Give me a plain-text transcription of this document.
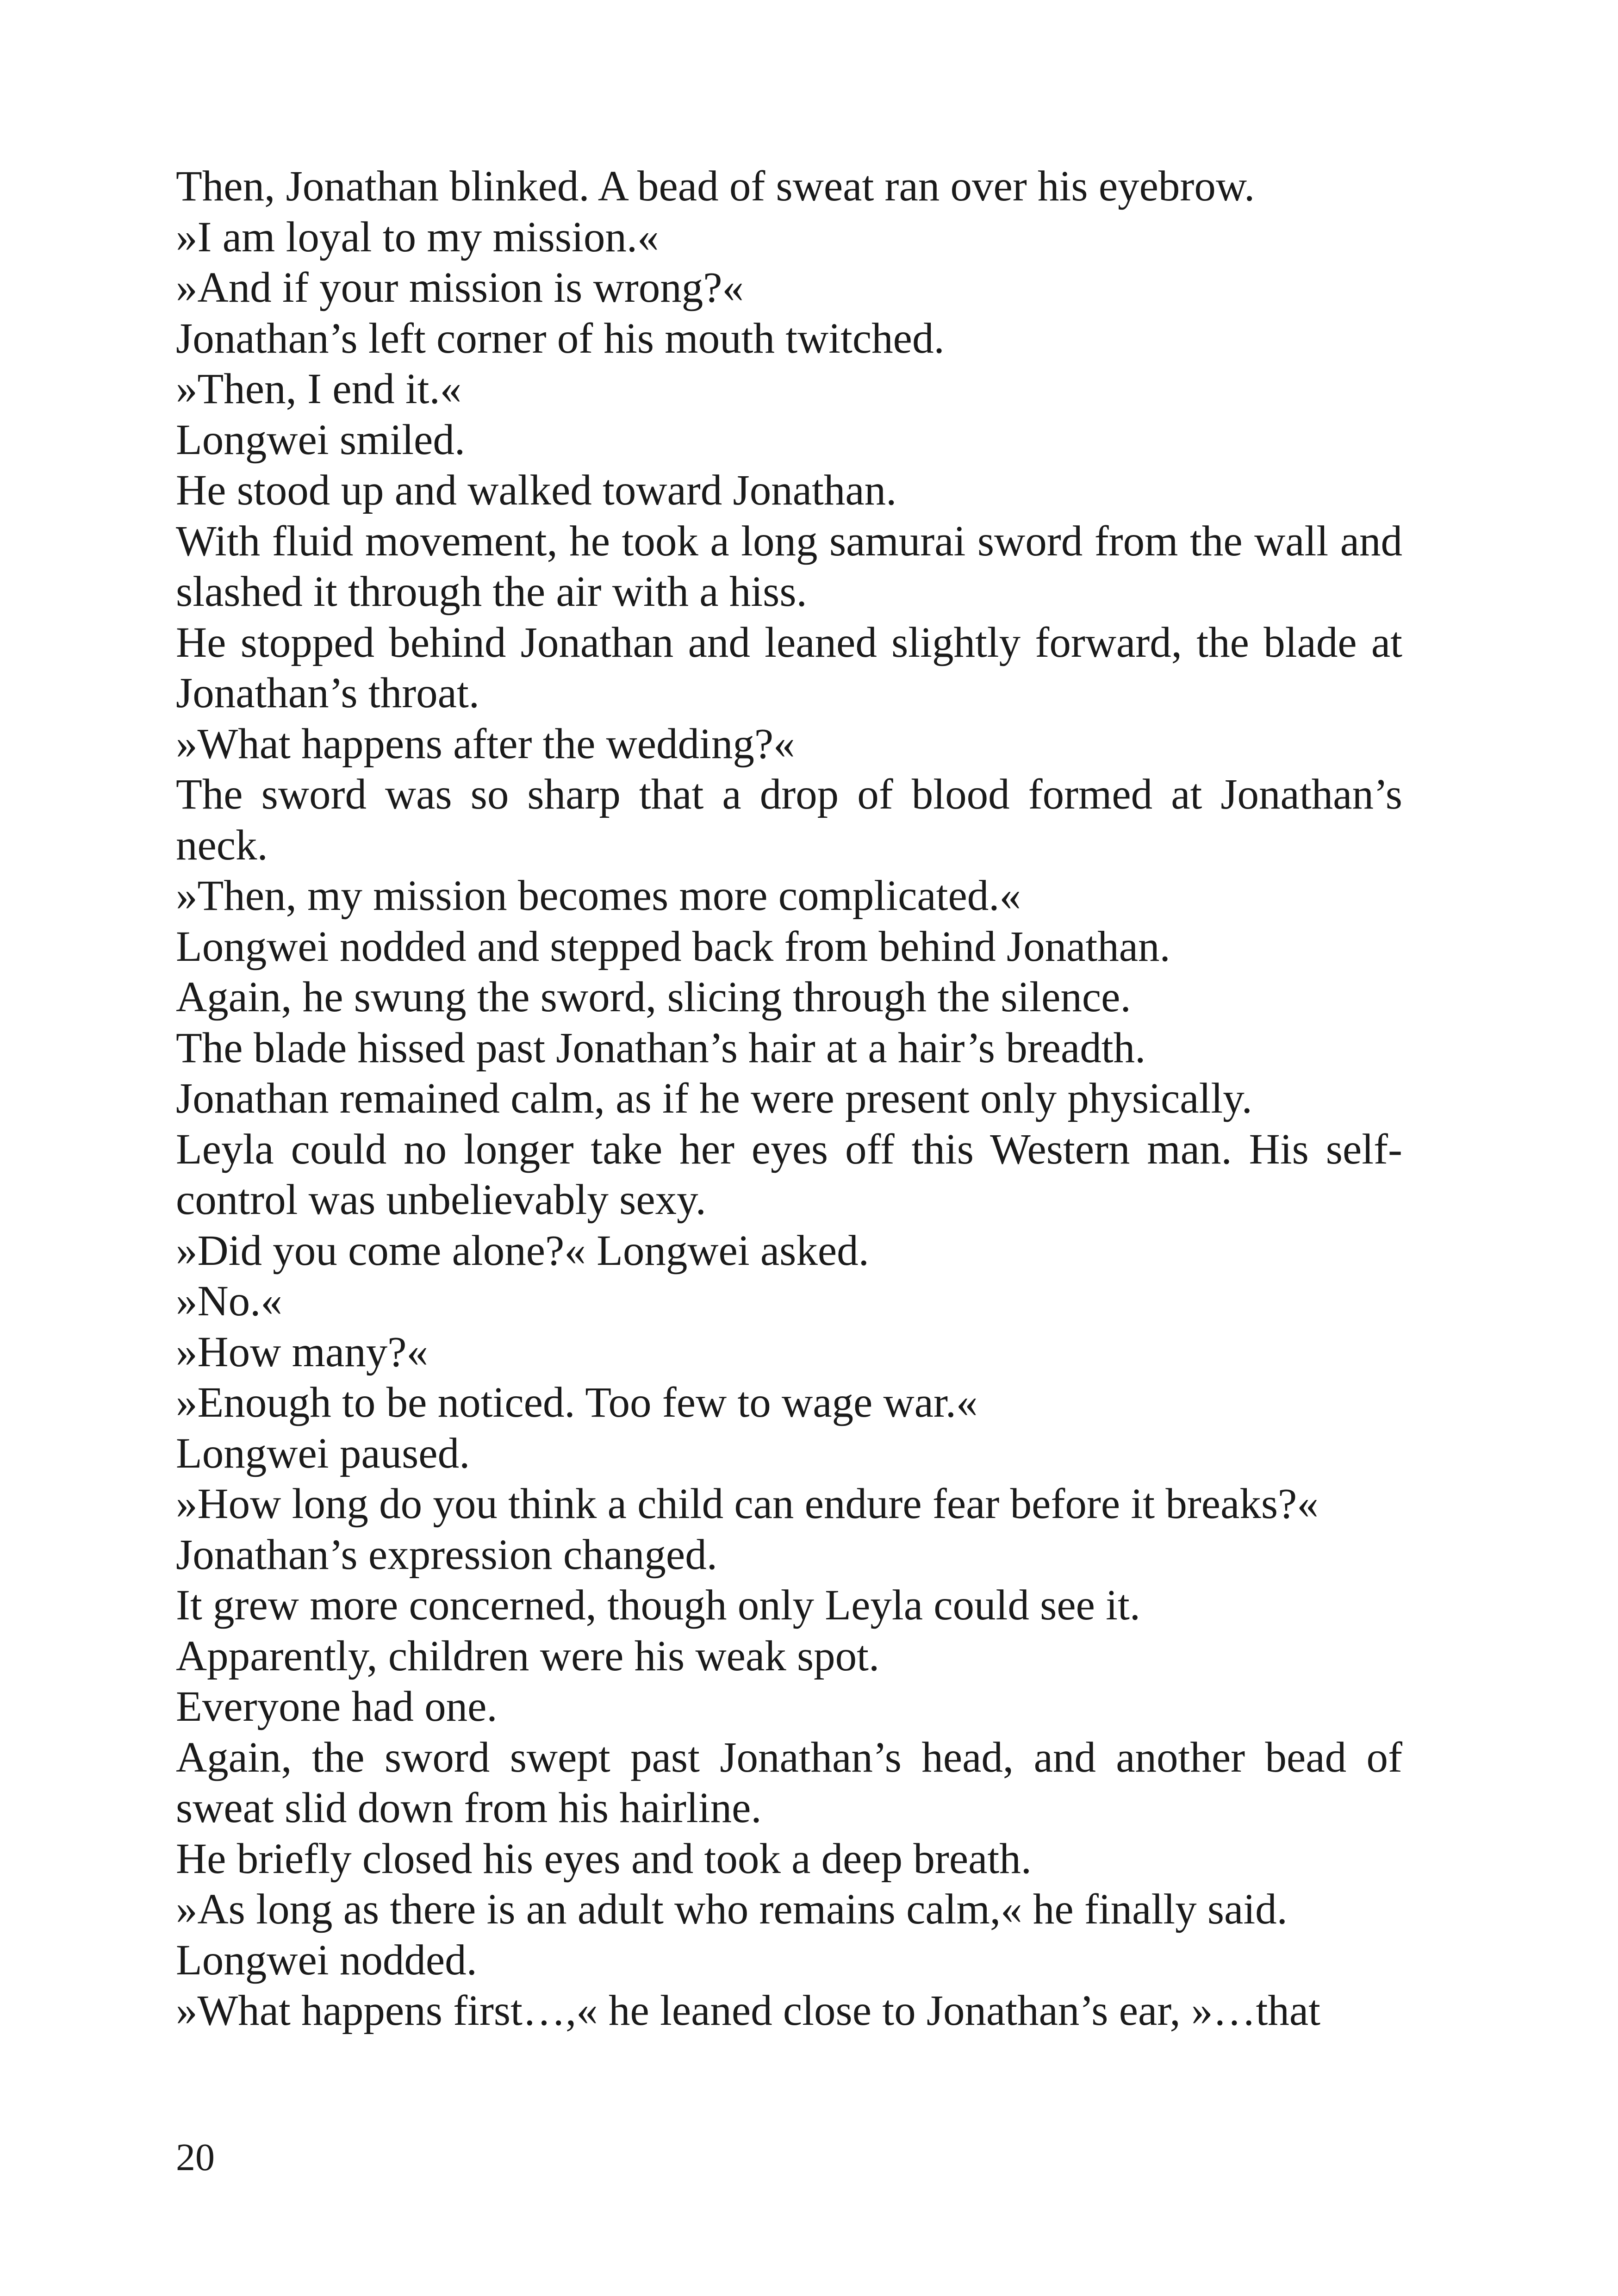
Then, Jonathan blinked. A bead of sweat ran over his eyebrow.

»I am loyal to my mission.«

»And if your mission is wrong?«

Jonathan’s left corner of his mouth twitched.

»Then, I end it.«

Longwei smiled.

He stood up and walked toward Jonathan.

With fluid movement, he took a long samurai sword from the wall and slashed it through the air with a hiss.

He stopped behind Jonathan and leaned slightly forward, the blade at Jonathan’s throat.

»What happens after the wedding?«

The sword was so sharp that a drop of blood formed at Jonathan’s neck.

»Then, my mission becomes more complicated.«

Longwei nodded and stepped back from behind Jonathan.

Again, he swung the sword, slicing through the silence.

The blade hissed past Jonathan’s hair at a hair’s breadth.

Jonathan remained calm, as if he were present only physically.

Leyla could no longer take her eyes off this Western man. His self-control was unbelievably sexy.

»Did you come alone?« Longwei asked.

»No.«

»How many?«

»Enough to be noticed. Too few to wage war.«

Longwei paused.

»How long do you think a child can endure fear before it breaks?«

Jonathan’s expression changed.

It grew more concerned, though only Leyla could see it.

Apparently, children were his weak spot.

Everyone had one.

Again, the sword swept past Jonathan’s head, and another bead of sweat slid down from his hairline.

He briefly closed his eyes and took a deep breath.

»As long as there is an adult who remains calm,« he finally said.

Longwei nodded.

»What happens first…,« he leaned close to Jonathan’s ear, »…that

20
